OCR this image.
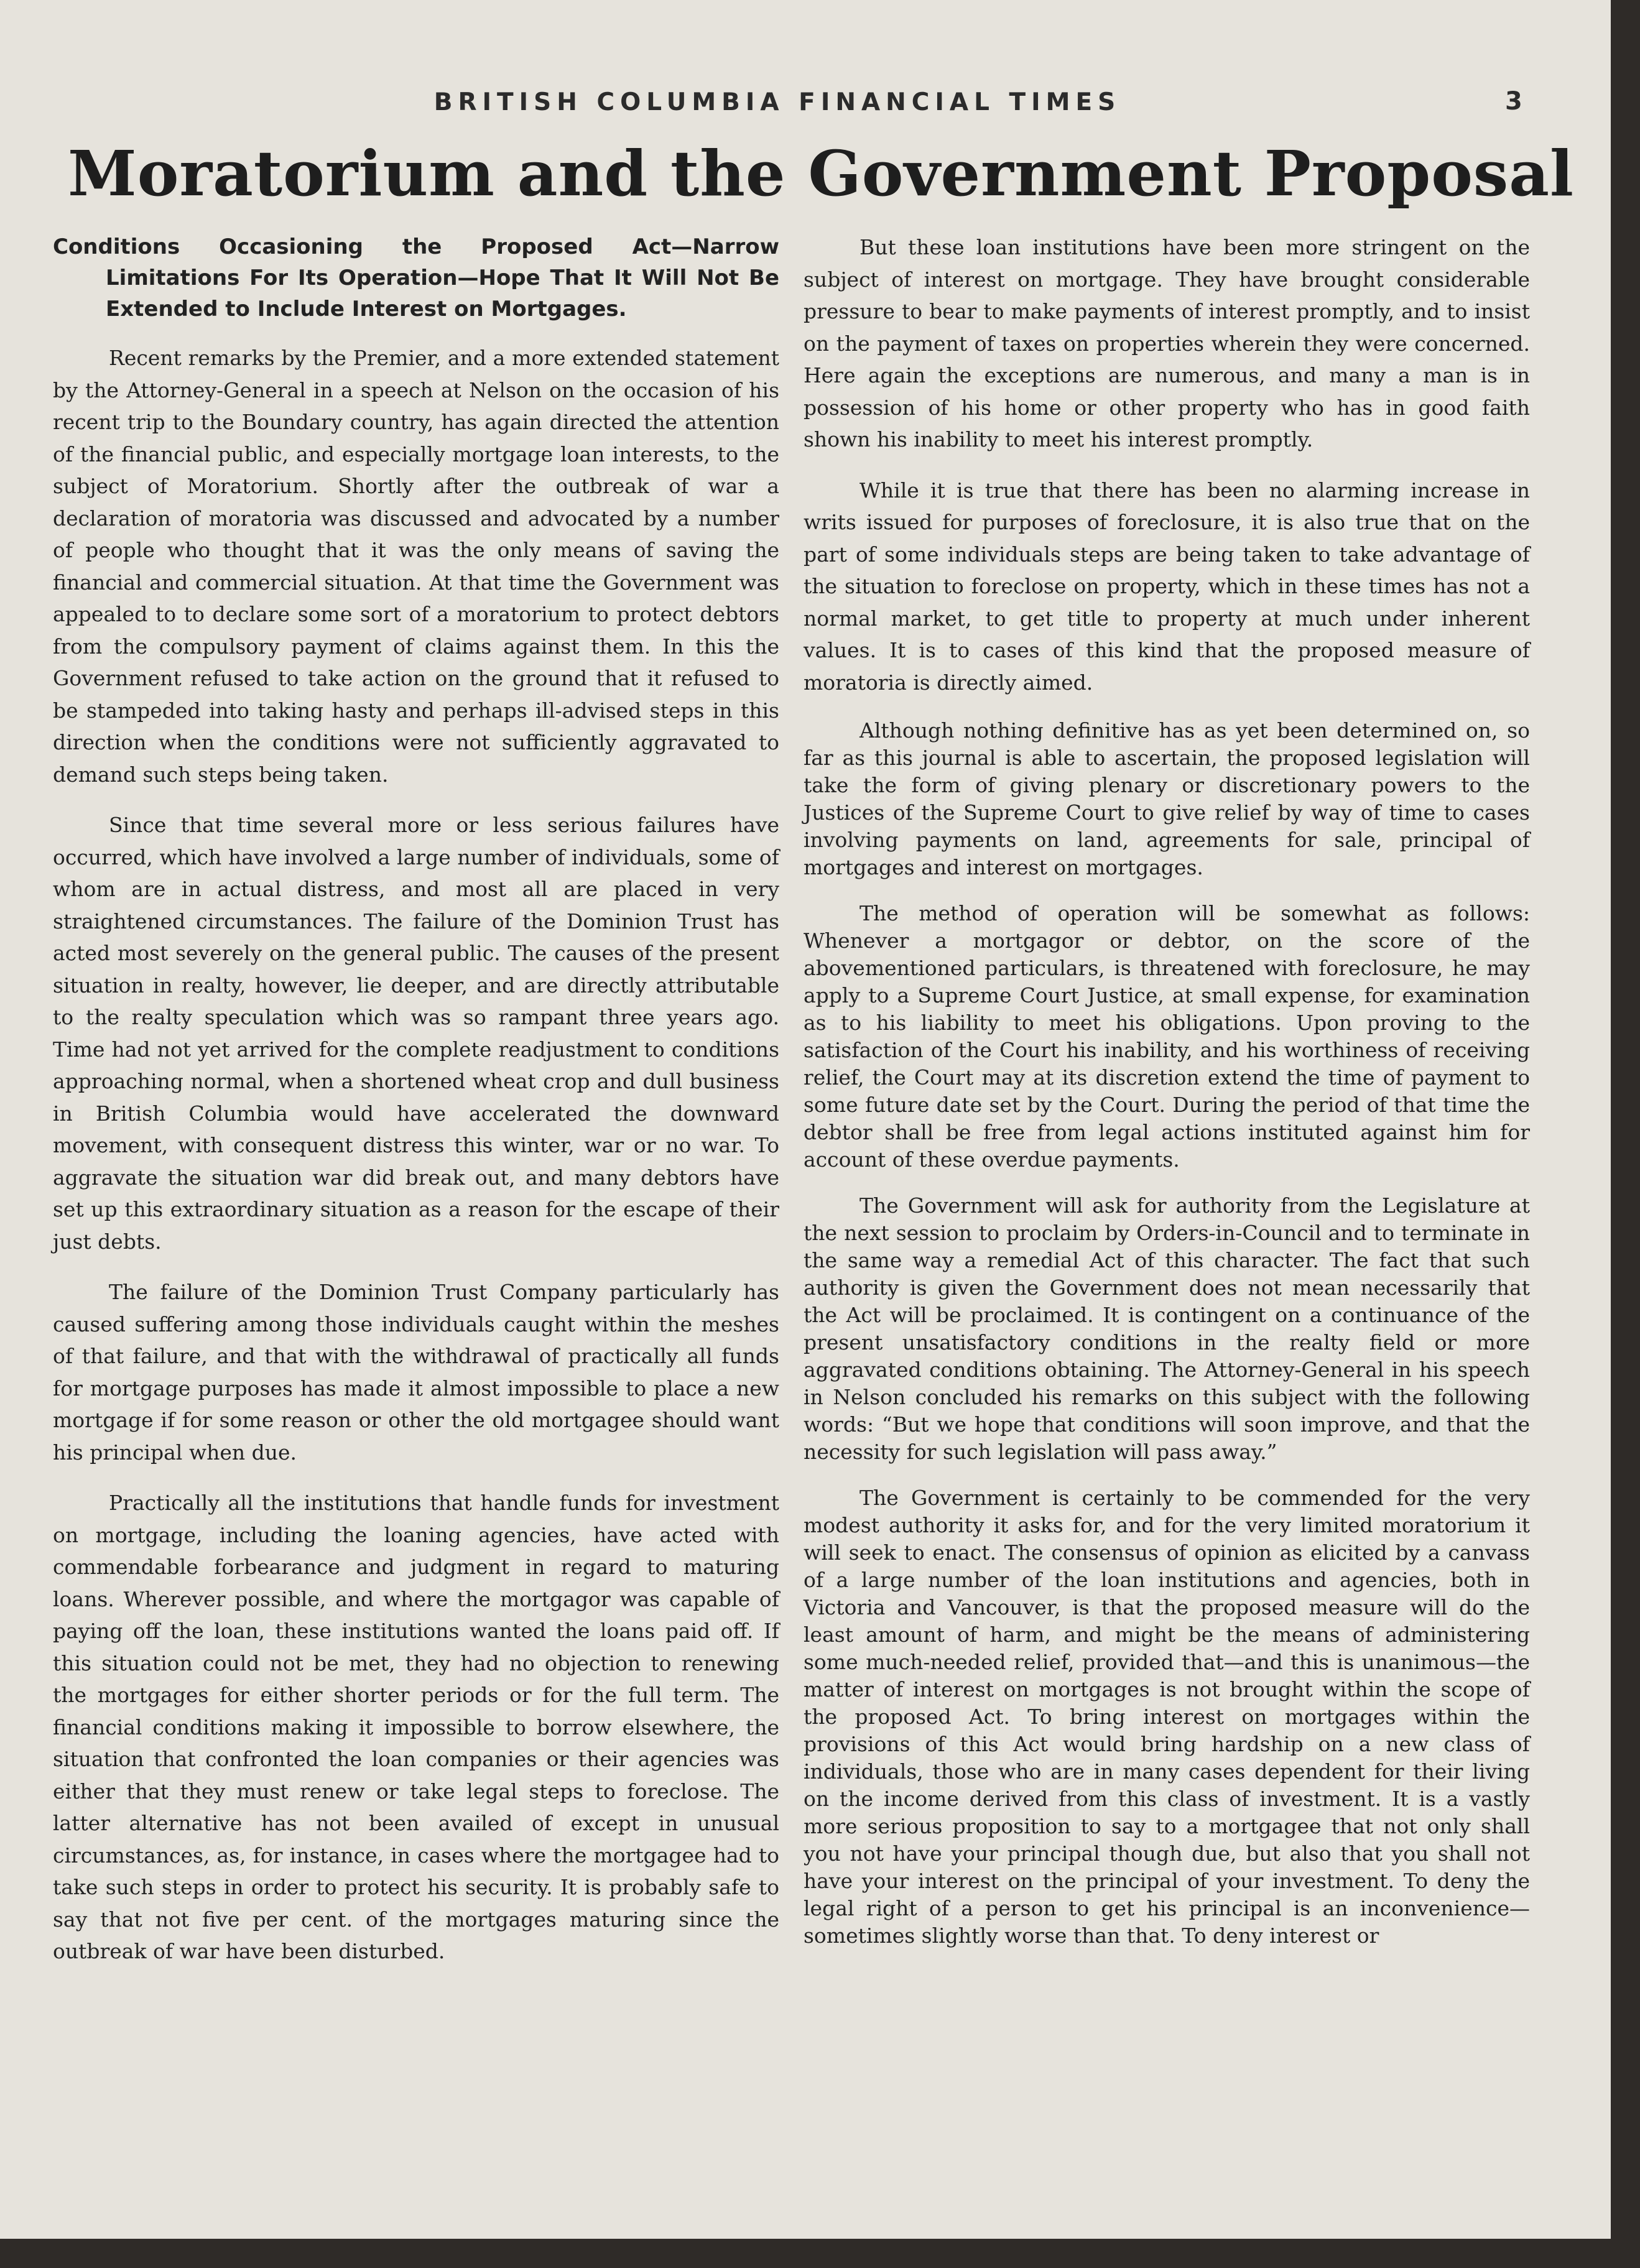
BRITISH COLUMBIA FINANCIAL TIMES	3
Moratorium and the Government Proposal

Conditions Occasioning the Proposed Act—Narrow Limitations For Its Operation—Hope That It Will Not Be Extended to Include Interest on Mortgages.

Recent remarks by the Premier, and a more extended statement by the Attorney-General in a speech at Nelson on the occasion of his recent trip to the Boundary country, has again directed the attention of the financial public, and especially mortgage loan interests, to the subject of Moratorium. Shortly after the outbreak of war a declaration of moratoria was discussed and advocated by a number of people who thought that it was the only means of saving the financial and commercial situation. At that time the Government was appealed to to declare some sort of a moratorium to protect debtors from the compulsory payment of claims against them. In this the Government refused to take action on the ground that it refused to be stampeded into taking hasty and perhaps ill-advised steps in this direction when the conditions were not sufficiently aggravated to demand such steps being taken.

Since that time several more or less serious failures have occurred, which have involved a large number of individuals, some of whom are in actual distress, and most all are placed in very straightened circumstances. The failure of the Dominion Trust has acted most severely on the general public. The causes of the present situation in realty, however, lie deeper, and are directly attributable to the realty speculation which was so rampant three years ago. Time had not yet arrived for the complete readjustment to conditions approaching normal, when a shortened wheat crop and dull business in British Columbia would have accelerated the downward movement, with consequent distress this winter, war or no war. To aggravate the situation war did break out, and many debtors have set up this extraordinary situation as a reason for the escape of their just debts.

The failure of the Dominion Trust Company particularly has caused suffering among those individuals caught within the meshes of that failure, and that with the withdrawal of practically all funds for mortgage purposes has made it almost impossible to place a new mortgage if for some reason or other the old mortgagee should want his principal when due.

Practically all the institutions that handle funds for investment on mortgage, including the loaning agencies, have acted with commendable forbearance and judgment in regard to maturing loans. Wherever possible, and where the mortgagor was capable of paying off the loan, these institutions wanted the loans paid off. If this situation could not be met, they had no objection to renewing the mortgages for either shorter periods or for the full term. The financial conditions making it impossible to borrow elsewhere, the situation that confronted the loan companies or their agencies was either that they must renew or take legal steps to foreclose. The latter alternative has not been availed of except in unusual circumstances, as, for instance, in cases where the mortgagee had to take such steps in order to protect his security. It is probably safe to say that not five per cent. of the mortgages maturing since the outbreak of war have been disturbed.

But these loan institutions have been more stringent on the subject of interest on mortgage. They have brought considerable pressure to bear to make payments of interest promptly, and to insist on the payment of taxes on properties wherein they were concerned. Here again the exceptions are numerous, and many a man is in possession of his home or other property who has in good faith shown his inability to meet his interest promptly.

While it is true that there has been no alarming increase in writs issued for purposes of foreclosure, it is also true that on the part of some individuals steps are being taken to take advantage of the situation to foreclose on property, which in these times has not a normal market, to get title to property at much under inherent values. It is to cases of this kind that the proposed measure of moratoria is directly aimed.

Although nothing definitive has as yet been determined on, so far as this journal is able to ascertain, the proposed legislation will take the form of giving plenary or discretionary powers to the Justices of the Supreme Court to give relief by way of time to cases involving payments on land, agreements for sale, principal of mortgages and interest on mortgages.

The method of operation will be somewhat as follows: Whenever a mortgagor or debtor, on the score of the abovementioned particulars, is threatened with foreclosure, he may apply to a Supreme Court Justice, at small expense, for examination as to his liability to meet his obligations. Upon proving to the satisfaction of the Court his inability, and his worthiness of receiving relief, the Court may at its discretion extend the time of payment to some future date set by the Court. During the period of that time the debtor shall be free from legal actions instituted against him for account of these overdue payments.

The Government will ask for authority from the Legislature at the next session to proclaim by Orders-in-Council and to terminate in the same way a remedial Act of this character. The fact that such authority is given the Government does not mean necessarily that the Act will be proclaimed. It is contingent on a continuance of the present unsatisfactory conditions in the realty field or more aggravated conditions obtaining. The Attorney-General in his speech in Nelson concluded his remarks on this subject with the following words: “But we hope that conditions will soon improve, and that the necessity for such legislation will pass away.”

The Government is certainly to be commended for the very modest authority it asks for, and for the very limited moratorium it will seek to enact. The consensus of opinion as elicited by a canvass of a large number of the loan institutions and agencies, both in Victoria and Vancouver, is that the proposed measure will do the least amount of harm, and might be the means of administering some much-needed relief, provided that—and this is unanimous—the matter of interest on mortgages is not brought within the scope of the proposed Act. To bring interest on mortgages within the provisions of this Act would bring hardship on a new class of individuals, those who are in many cases dependent for their living on the income derived from this class of investment. It is a vastly more serious proposition to say to a mortgagee that not only shall you not have your principal though due, but also that you shall not have your interest on the principal of your investment. To deny the legal right of a person to get his principal is an inconvenience—sometimes slightly worse than that. To deny interest or
